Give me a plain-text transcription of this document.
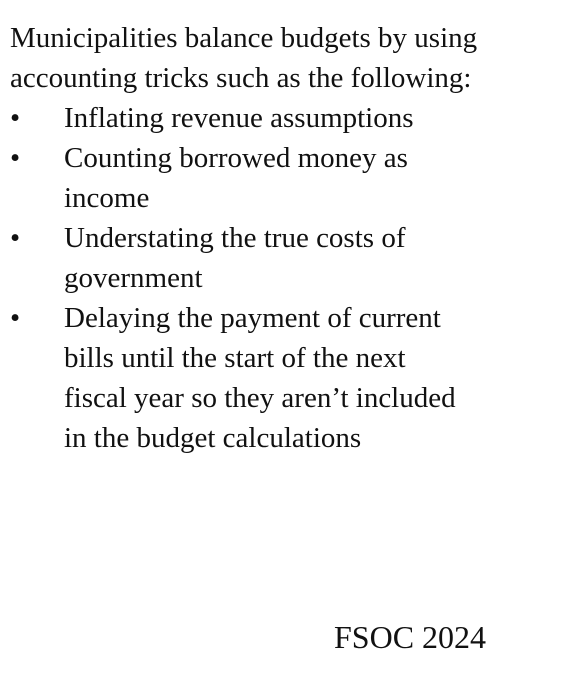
Municipalities balance budgets by using accounting tricks such as the following:

•	Inflating revenue assumptions
•	Counting borrowed money as income
•	Understating the true costs of government
•	Delaying the payment of current bills until the start of the next fiscal year so they aren’t included in the budget calculations
FSOC 2024
